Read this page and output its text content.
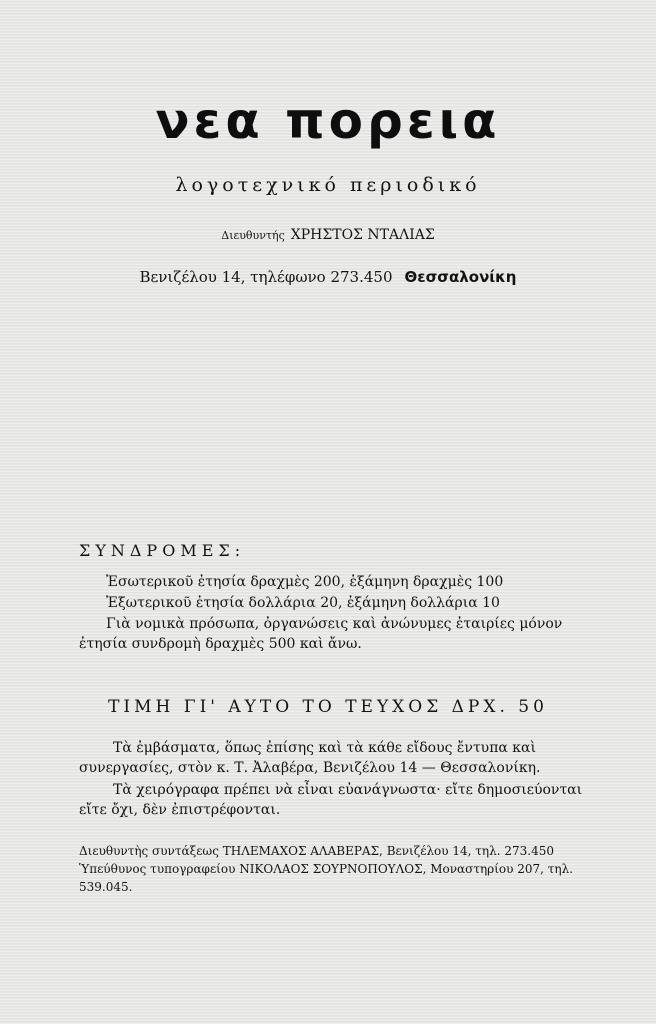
νεα πορεια
λογοτεχνικό περιοδικό
Διευθυντής ΧΡΗΣΤΟΣ ΝΤΑΛΙΑΣ
Βενιζέλου 14, τηλέφωνο 273.450 Θεσσαλονίκη
ΣΥΝΔΡΟΜΕΣ:
Ἐσωτερικοῦ ἐτησία δραχμὲς 200, ἑξάμηνη δραχμὲς 100
Ἐξωτερικοῦ ἐτησία δολλάρια 20, ἑξάμηνη δολλάρια 10
Γιὰ νομικὰ πρόσωπα, ὀργανώσεις καὶ ἀνώνυμες ἑταιρίες μόνον ἐτησία συνδρομὴ δραχμὲς 500 καὶ ἄνω.
ΤΙΜΗ ΓΙ' ΑΥΤΟ ΤΟ ΤΕΥΧΟΣ ΔΡΧ. 50

Τὰ ἐμβάσματα, ὅπως ἐπίσης καὶ τὰ κάθε εἴδους ἔντυπα καὶ συνεργασίες, στὸν κ. Τ. Ἀλαβέρα, Βενιζέλου 14 — Θεσσαλονίκη.

Τὰ χειρόγραφα πρέπει νὰ εἶναι εὐανάγνωστα· εἴτε δημοσιεύονται εἴτε ὄχι, δὲν ἐπιστρέφονται.

Διευθυντὴς συντάξεως ΤΗΛΕΜΑΧΟΣ ΑΛΑΒΕΡΑΣ, Βενιζέλου 14, τηλ. 273.450

Ὑπεύθυνος τυπογραφείου ΝΙΚΟΛΑΟΣ ΣΟΥΡΝΟΠΟΥΛΟΣ, Μοναστηρίου 207, τηλ. 539.045.
